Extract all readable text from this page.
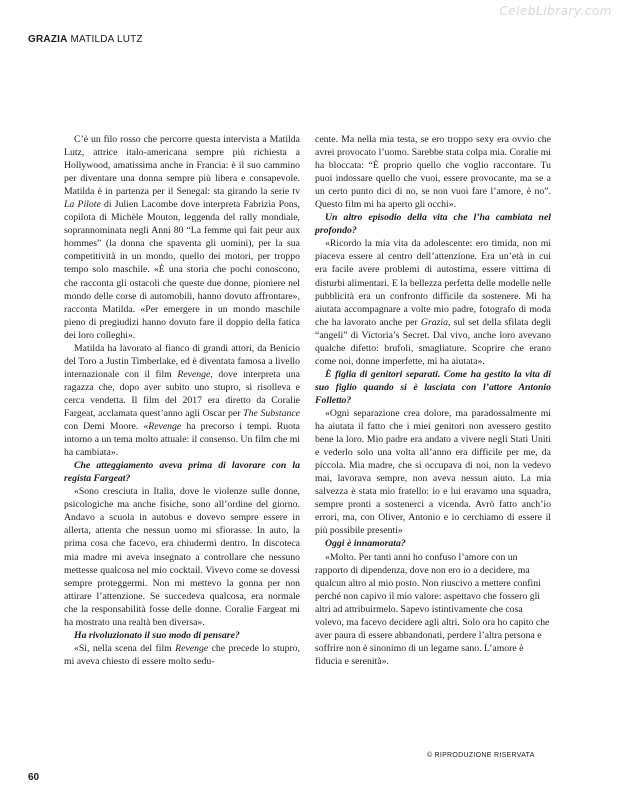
CelebLibrary.com
GRAZIA MATILDA LUTZ

C’è un filo rosso che percorre questa intervista a Matilda Lutz, attrice italo-americana sempre più richiesta a Hollywood, amatissima anche in Francia: è il suo cammino per diventare una donna sempre più libera e consapevole. Matilda è in partenza per il Senegal: sta girando la serie tv La Pilote di Julien Lacombe dove interpreta Fabrizia Pons, copilota di Michèle Mouton, leggenda del rally mondiale, soprannominata negli Anni 80 “La femme qui fait peur aux hommes” (la donna che spaventa gli uomini), per la sua competitività in un mondo, quello dei motori, per troppo tempo solo maschile. «È una storia che pochi conoscono, che racconta gli ostacoli che queste due donne, pioniere nel mondo delle corse di automobili, hanno dovuto affrontare», racconta Matilda. «Per emergere in un mondo maschile pieno di pregiudizi hanno dovuto fare il doppio della fatica dei loro colleghi».

Matilda ha lavorato al fianco di grandi attori, da Benicio del Toro a Justin Timberlake, ed è diventata famosa a livello internazionale con il film Revenge, dove interpreta una ragazza che, dopo aver subìto uno stupro, si risolleva e cerca vendetta. Il film del 2017 era diretto da Coralie Fargeat, acclamata quest’anno agli Oscar per The Substance con Demi Moore. «Revenge ha precorso i tempi. Ruota intorno a un tema molto attuale: il consenso. Un film che mi ha cambiata».

Che atteggiamento aveva prima di lavorare con la regista Fargeat?

«Sono cresciuta in Italia, dove le violenze sulle donne, psicologiche ma anche fisiche, sono all’ordine del giorno. Andavo a scuola in autobus e dovevo sempre essere in allerta, attenta che nessun uomo mi sfiorasse. In auto, la prima cosa che facevo, era chiudermi dentro. In discoteca mia madre mi aveva insegnato a controllare che nessuno mettesse qualcosa nel mio cocktail. Vivevo come se dovessi sempre proteggermi. Non mi mettevo la gonna per non attirare l’attenzione. Se succedeva qualcosa, era normale che la responsabilità fosse delle donne. Coralie Fargeat mi ha mostrato una realtà ben diversa».

Ha rivoluzionato il suo modo di pensare?

«Sì, nella scena del film Revenge che precede lo stupro, mi aveva chiesto di essere molto sedu-

cente. Ma nella mia testa, se ero troppo sexy era ovvio che avrei provocato l’uomo. Sarebbe stata colpa mia. Coralie mi ha bloccata: “È proprio quello che voglio raccontare. Tu puoi indossare quello che vuoi, essere provocante, ma se a un certo punto dici di no, se non vuoi fare l’amore, è no”. Questo film mi ha aperto gli occhi».

Un altro episodio della vita che l’ha cambiata nel profondo?

«Ricordo la mia vita da adolescente: ero timida, non mi piaceva essere al centro dell’attenzione. Era un’età in cui era facile avere problemi di autostima, essere vittima di disturbi alimentari. E la bellezza perfetta delle modelle nelle pubblicità era un confronto difficile da sostenere. Mi ha aiutata accompagnare a volte mio padre, fotografo di moda che ha lavorato anche per Grazia, sul set della sfilata degli “angeli” di Victoria’s Secret. Dal vivo, anche loro avevano qualche difetto: brufoli, smagliature. Scoprire che erano come noi, donne imperfette, mi ha aiutata».

È figlia di genitori separati. Come ha gestito la vita di suo figlio quando si è lasciata con l’attore Antonio Folletto?

«Ogni separazione crea dolore, ma paradossalmente mi ha aiutata il fatto che i miei genitori non avessero gestito bene la loro. Mio padre era andato a vivere negli Stati Uniti e vederlo solo una volta all’anno era difficile per me, da piccola. Mia madre, che si occupava di noi, non la vedevo mai, lavorava sempre, non aveva nessun aiuto. La mia salvezza è stata mio fratello: io e lui eravamo una squadra, sempre pronti a sostenerci a vicenda. Avrò fatto anch’io errori, ma, con Oliver, Antonio e io cerchiamo di essere il più possibile presenti»

Oggi è innamorata?

«Molto. Per tanti anni ho confuso l’amore con un rapporto di dipendenza, dove non ero io a decidere, ma qualcun altro al mio posto. Non riuscivo a mettere confini perché non capivo il mio valore: aspettavo che fossero gli altri ad attribuirmelo. Sapevo istintivamente che cosa volevo, ma facevo decidere agli altri. Solo ora ho capito che aver paura di essere abbandonati, perdere l’altra persona e soffrire non è sinonimo di un legame sano. L’amore è fiducia e serenità».

© RIPRODUZIONE RISERVATA
60
